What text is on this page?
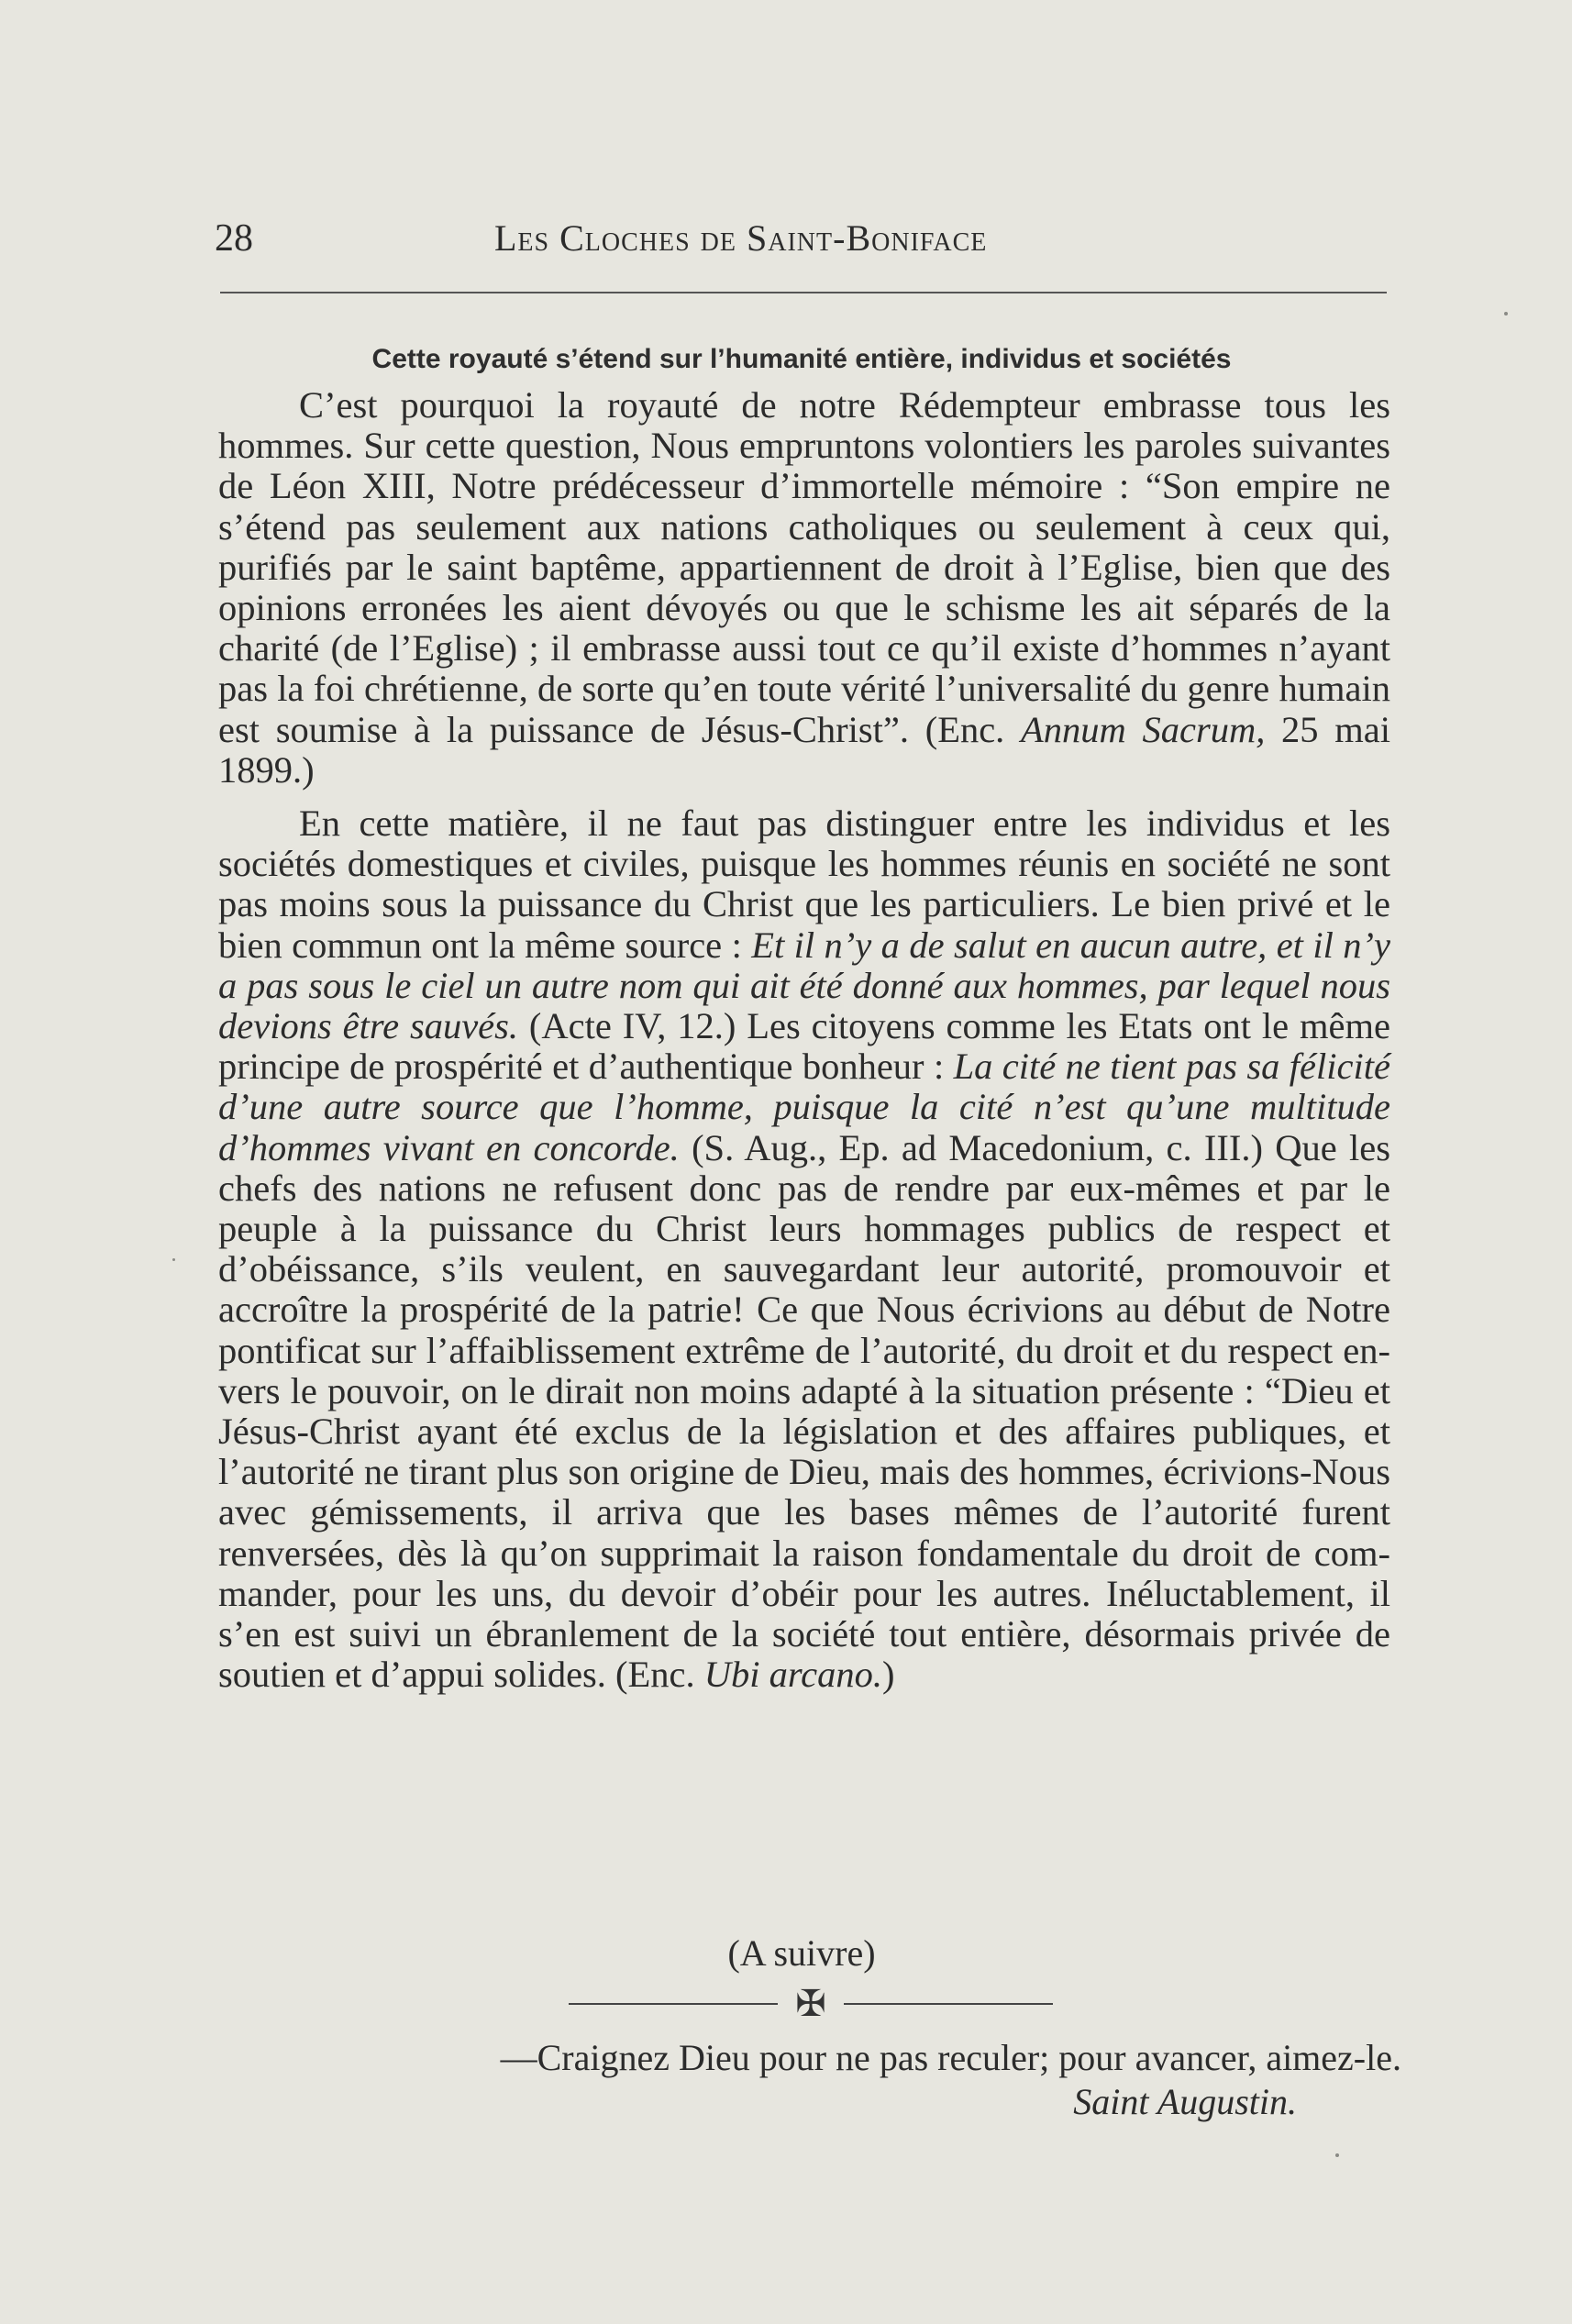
28	Les Cloches de Saint-Boniface
Cette royauté s’étend sur l’humanité entière, individus et sociétés

C’est pourquoi la royauté de notre Rédempteur embrasse tous les hommes. Sur cette question, Nous empruntons volontiers les paroles suivantes de Léon XIII, Notre prédécesseur d’immortelle mémoire : “Son empire ne s’étend pas seulement aux nations catholiques ou seulement à ceux qui, purifiés par le saint baptême, appartiennent de droit à l’Eglise, bien que des opinions erronées les aient dévoyés ou que le schisme les ait séparés de la charité (de l’Eglise) ; il embrasse aussi tout ce qu’il existe d’hommes n’ayant pas la foi chrétienne, de sorte qu’en toute vérité l’universalité du genre humain est soumise à la puissance de Jésus-Christ”. (Enc. Annum Sacrum, 25 mai 1899.)

En cette matière, il ne faut pas distinguer entre les individus et les sociétés domestiques et civiles, puisque les hommes réunis en société ne sont pas moins sous la puissance du Christ que les particuliers. Le bien privé et le bien commun ont la même source : Et il n’y a de salut en aucun autre, et il n’y a pas sous le ciel un autre nom qui ait été donné aux hommes, par lequel nous devions être sauvés. (Acte IV, 12.) Les citoyens comme les Etats ont le même principe de prospérité et d’authentique bonheur : La cité ne tient pas sa félicité d’une autre source que l’homme, puisque la cité n’est qu’une multitude d’hommes vivant en concorde. (S. Aug., Ep. ad Macedonium, c. III.) Que les chefs des nations ne refusent donc pas de rendre par eux-mêmes et par le peuple à la puissance du Christ leurs hommages publics de respect et d’obéissance, s’ils veulent, en sauvegardant leur autorité, promouvoir et accroître la prospérité de la patrie! Ce que Nous écrivions au début de Notre pontificat sur l’affaiblissement extrême de l’autorité, du droit et du respect envers le pouvoir, on le dirait non moins adapté à la situation présente : “Dieu et Jésus-Christ ayant été exclus de la législation et des affaires publiques, et l’autorité ne tirant plus son origine de Dieu, mais des hommes, écrivions-Nous avec gémissements, il arriva que les bases mêmes de l’autorité furent renversées, dès là qu’on supprimait la raison fondamentale du droit de commander, pour les uns, du devoir d’obéir pour les autres. Inéluctablement, il s’en est suivi un ébranlement de la société tout entière, désormais privée de soutien et d’appui solides. (Enc. Ubi arcano.)

(A suivre)
✠
—Craignez Dieu pour ne pas reculer; pour avancer, aimez-le.
Saint Augustin.
